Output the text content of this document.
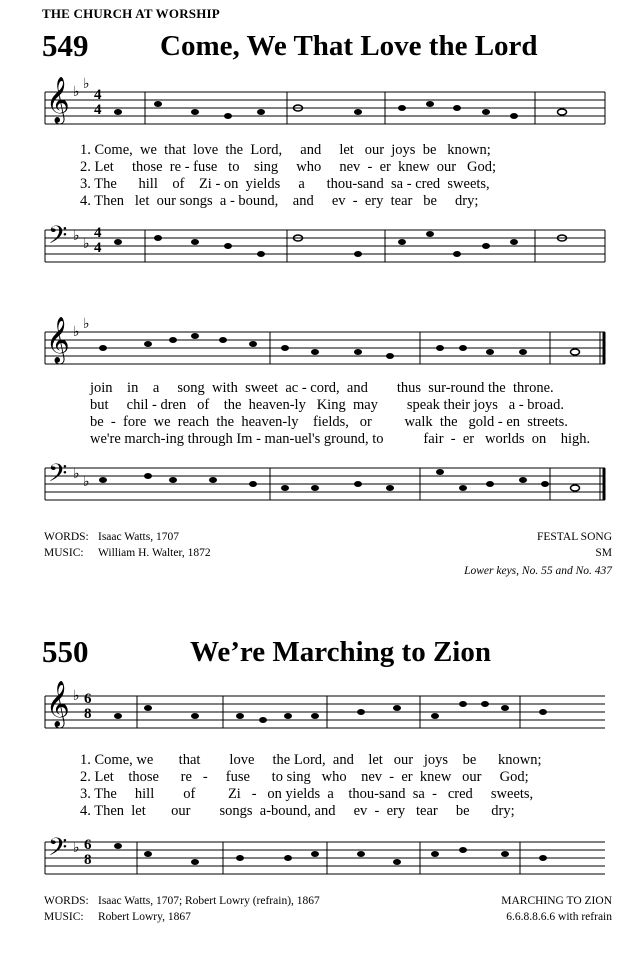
THE CHURCH AT WORSHIP
549 Come, We That Love the Lord
𝄞 ♭
♭
4
4
1. Come,  we  that  love  the  Lord,     and     let   our  joys  be   known;
2. Let     those  re - fuse   to    sing     who     nev  -  er  knew  our   God;
3. The      hill    of    Zi - on  yields     a      thou-sand  sa - cred  sweets,
4. Then   let  our songs  a - bound,    and     ev  -  ery  tear   be     dry;
𝄢 ♭
♭
4
4
𝄞 ♭
♭
join    in    a     song  with  sweet  ac - cord,  and        thus  sur-round the  throne.
but     chil - dren   of    the  heaven-ly   King  may        speak their joys   a - broad.
be  -  fore  we  reach  the  heaven-ly    fields,   or         walk  the   gold - en  streets.
we're march-ing through Im - man-uel's ground, to           fair  -  er   worlds  on    high.
𝄢 ♭
♭
WORDS: Isaac Watts, 1707
MUSIC: William H. Walter, 1872
FESTAL SONG
SM
Lower keys, No. 55 and No. 437
550	We’re Marching to Zion
𝄞 ♭ 6
8
1. Come, we       that        love     the Lord,  and    let   our   joys    be      known;
2. Let    those      re   -     fuse      to sing   who    nev  -  er  knew   our     God;
3. The     hill        of         Zi   -   on yields  a    thou-sand  sa  -   cred     sweets,
4. Then  let       our        songs  a-bound, and     ev  -  ery   tear     be      dry;
𝄢 ♭ 6
8
WORDS: Isaac Watts, 1707; Robert Lowry (refrain), 1867
MUSIC: Robert Lowry, 1867
MARCHING TO ZION
6.6.8.8.6.6 with refrain
